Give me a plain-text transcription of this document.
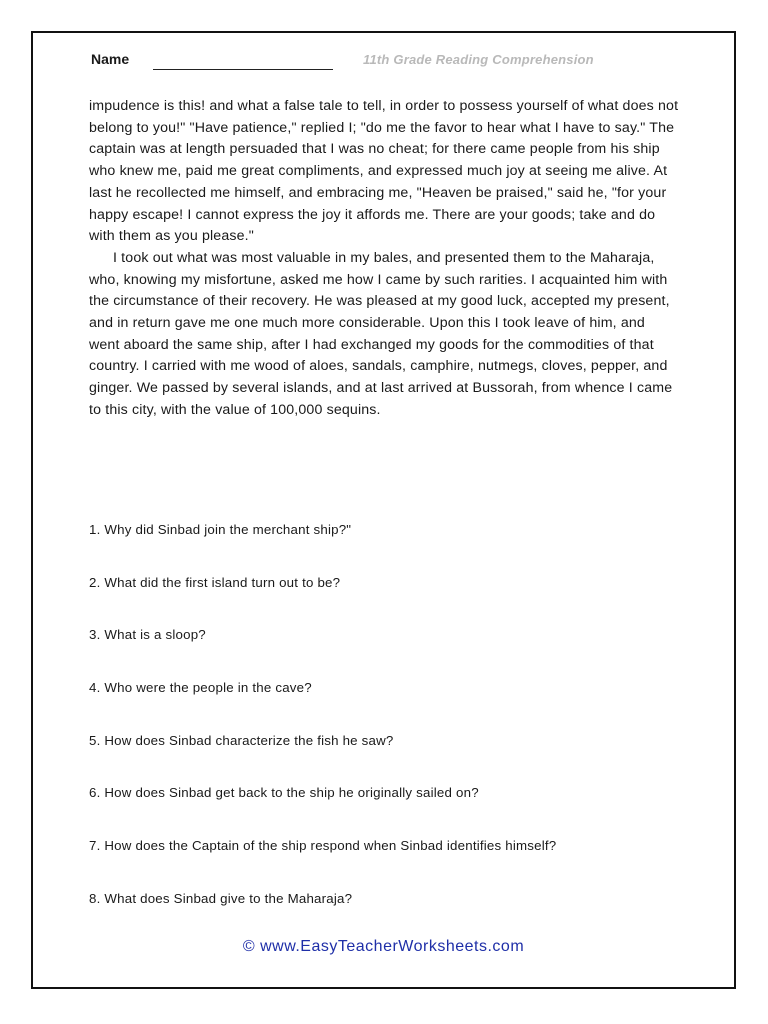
Name	11th Grade Reading Comprehension

impudence is this! and what a false tale to tell, in order to possess yourself of what does not belong to you!" "Have patience," replied I; "do me the favor to hear what I have to say." The captain was at length persuaded that I was no cheat; for there came people from his ship who knew me, paid me great compliments, and expressed much joy at seeing me alive. At last he recollected me himself, and embracing me, "Heaven be praised," said he, "for your happy escape! I cannot express the joy it affords me. There are your goods; take and do with them as you please."

I took out what was most valuable in my bales, and presented them to the Maharaja, who, knowing my misfortune, asked me how I came by such rarities. I acquainted him with the circumstance of their recovery. He was pleased at my good luck, accepted my present, and in return gave me one much more considerable. Upon this I took leave of him, and went aboard the same ship, after I had exchanged my goods for the commodities of that country. I carried with me wood of aloes, sandals, camphire, nutmegs, cloves, pepper, and ginger. We passed by several islands, and at last arrived at Bussorah, from whence I came to this city, with the value of 100,000 sequins.

1. Why did Sinbad join the merchant ship?"
2. What did the first island turn out to be?
3. What is a sloop?
4. Who were the people in the cave?
5. How does Sinbad characterize the fish he saw?
6. How does Sinbad get back to the ship he originally sailed on?
7. How does the Captain of the ship respond when Sinbad identifies himself?
8. What does Sinbad give to the Maharaja?
© www.EasyTeacherWorksheets.com
